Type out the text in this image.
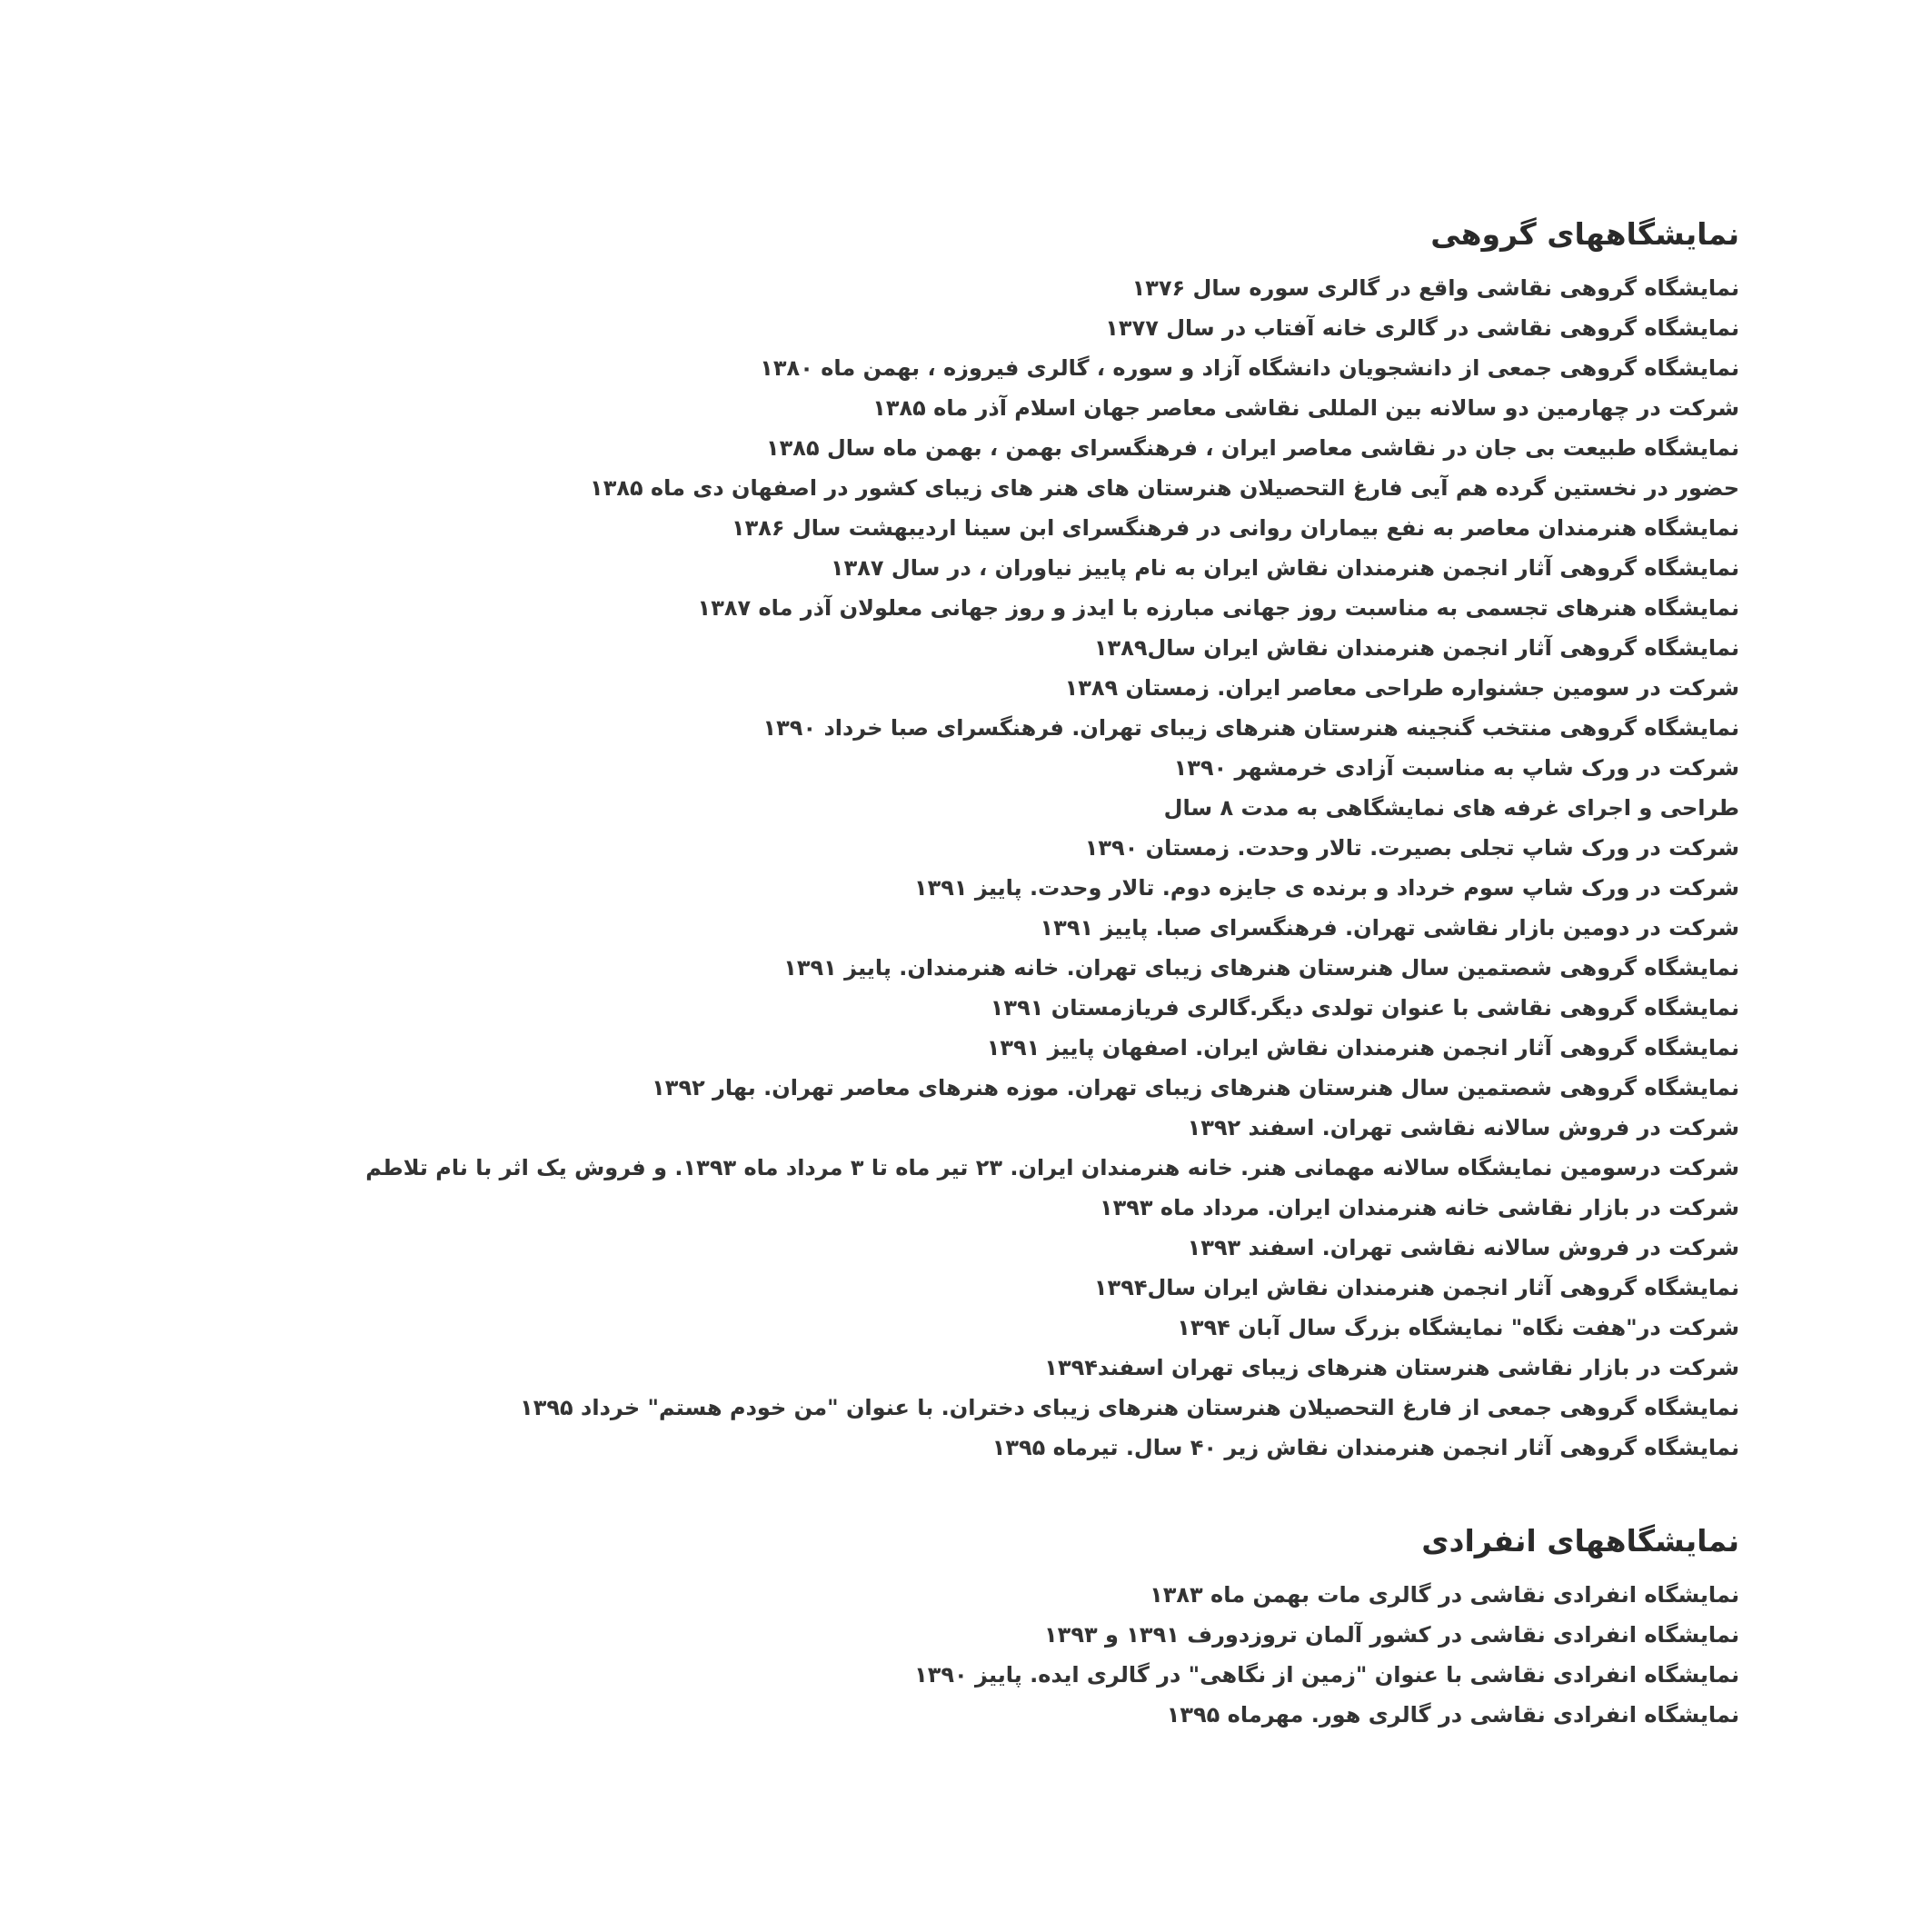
نمایشگاههای گروهی
نمایشگاه گروهی نقاشی واقع در گالری سوره سال ۱۳۷۶
نمایشگاه گروهی نقاشی در گالری خانه آفتاب در سال ۱۳۷۷
نمایشگاه گروهی جمعی از دانشجویان دانشگاه آزاد و سوره ، گالری فیروزه ، بهمن ماه ۱۳۸۰
شرکت در چهارمین دو سالانه بین المللی نقاشی معاصر جهان اسلام آذر ماه ۱۳۸۵
نمایشگاه طبیعت بی جان در نقاشی معاصر ایران ، فرهنگسرای بهمن ، بهمن ماه سال ۱۳۸۵
حضور در نخستین گرده هم آیی فارغ التحصیلان هنرستان های هنر های زیبای کشور در اصفهان دی ماه ۱۳۸۵
نمایشگاه هنرمندان معاصر به نفع بیماران روانی در فرهنگسرای ابن سینا اردیبهشت سال ۱۳۸۶
نمایشگاه گروهی آثار انجمن هنرمندان نقاش ایران به نام پاییز نیاوران ، در سال ۱۳۸۷
نمایشگاه هنرهای تجسمی به مناسبت روز جهانی مبارزه با ایدز و روز جهانی معلولان آذر ماه ۱۳۸۷
نمایشگاه گروهی آثار انجمن هنرمندان نقاش ایران سال۱۳۸۹
شرکت در سومین جشنواره طراحی معاصر ایران. زمستان ۱۳۸۹
نمایشگاه گروهی منتخب گنجینه هنرستان هنرهای زیبای تهران. فرهنگسرای صبا خرداد ۱۳۹۰
شرکت در ورک شاپ به مناسبت آزادی خرمشهر ۱۳۹۰
طراحی و اجرای غرفه های نمایشگاهی به مدت ۸ سال
شرکت در ورک شاپ تجلی بصیرت. تالار وحدت. زمستان ۱۳۹۰
شرکت در ورک شاپ سوم خرداد و برنده ی جایزه دوم. تالار وحدت. پاییز ۱۳۹۱
شرکت در دومین بازار نقاشی تهران. فرهنگسرای صبا. پاییز ۱۳۹۱
نمایشگاه گروهی شصتمین سال هنرستان هنرهای زیبای تهران. خانه هنرمندان. پاییز ۱۳۹۱
نمایشگاه گروهی نقاشی با عنوان تولدی دیگر.گالری فریازمستان ۱۳۹۱
نمایشگاه گروهی آثار انجمن هنرمندان نقاش ایران. اصفهان پاییز ۱۳۹۱
نمایشگاه گروهی شصتمین سال هنرستان هنرهای زیبای تهران. موزه هنرهای معاصر تهران. بهار ۱۳۹۲
شرکت در فروش سالانه نقاشی تهران. اسفند ۱۳۹۲
شرکت درسومین نمایشگاه سالانه مهمانی هنر. خانه هنرمندان ایران. ۲۳ تیر ماه تا ۳ مرداد ماه ۱۳۹۳. و فروش یک اثر با نام تلاطم
شرکت در بازار نقاشی خانه هنرمندان ایران. مرداد ماه ۱۳۹۳
شرکت در فروش سالانه نقاشی تهران. اسفند ۱۳۹۳
نمایشگاه گروهی آثار انجمن هنرمندان نقاش ایران سال۱۳۹۴
شرکت در"هفت نگاه" نمایشگاه بزرگ سال آبان ۱۳۹۴
شرکت در بازار نقاشی هنرستان هنرهای زیبای تهران اسفند۱۳۹۴
نمایشگاه گروهی جمعی از فارغ التحصیلان هنرستان هنرهای زیبای دختران. با عنوان "من خودم هستم" خرداد ۱۳۹۵
نمایشگاه گروهی آثار انجمن هنرمندان نقاش زیر ۴۰ سال. تیرماه ۱۳۹۵
نمایشگاههای انفرادی
نمایشگاه انفرادی نقاشی در گالری مات بهمن ماه ۱۳۸۳
نمایشگاه انفرادی نقاشی در کشور آلمان تروزدورف ۱۳۹۱ و ۱۳۹۳
نمایشگاه انفرادی نقاشی با عنوان "زمین از نگاهی" در گالری ایده. پاییز ۱۳۹۰
نمایشگاه انفرادی نقاشی در گالری هور. مهرماه ۱۳۹۵
